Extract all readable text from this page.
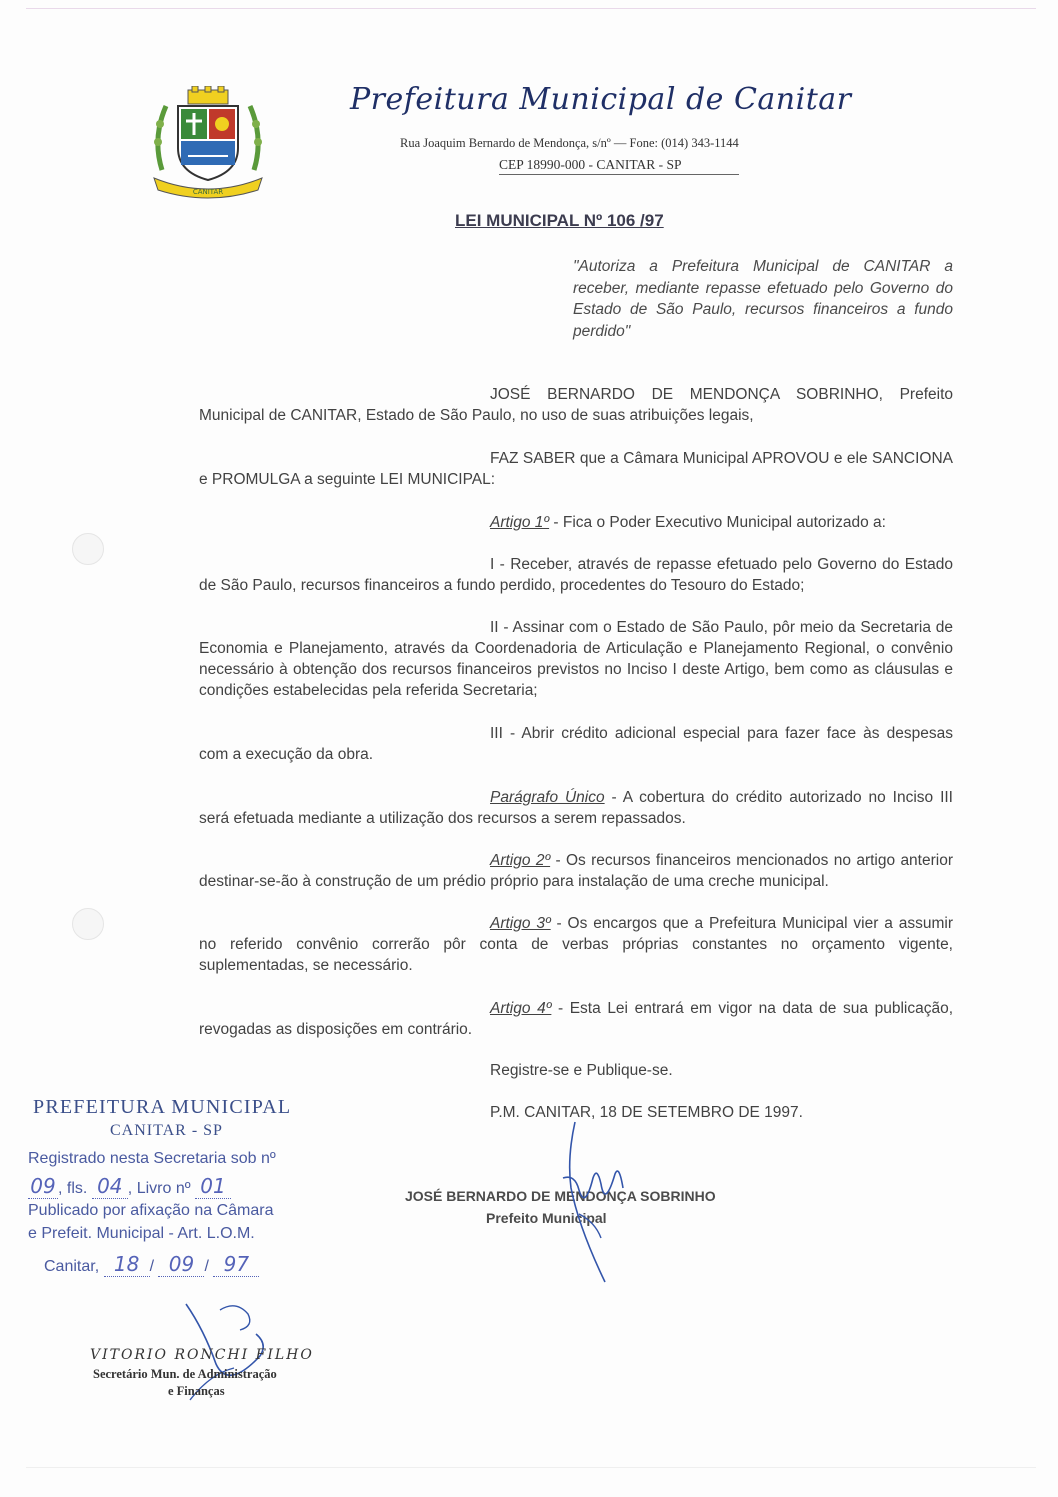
CANITAR
Prefeitura Municipal de Canitar
Rua Joaquim Bernardo de Mendonça, s/nº — Fone: (014) 343-1144
CEP 18990-000 - CANITAR - SP
LEI MUNICIPAL Nº 106 /97
"Autoriza a Prefeitura Municipal de CANITAR a receber, mediante repasse efetuado pelo Governo do Estado de São Paulo, recursos financeiros a fundo perdido"
JOSÉ BERNARDO DE MENDONÇA SOBRINHO, Prefeito Municipal de CANITAR, Estado de São Paulo, no uso de suas atribuições legais,
FAZ SABER que a Câmara Municipal APROVOU e ele SANCIONA e PROMULGA a seguinte LEI MUNICIPAL:
Artigo 1º - Fica o Poder Executivo Municipal autorizado a:
I - Receber, através de repasse efetuado pelo Governo do Estado de São Paulo, recursos financeiros a fundo perdido, procedentes do Tesouro do Estado;
II - Assinar com o Estado de São Paulo, pôr meio da Secretaria de Economia e Planejamento, através da Coordenadoria de Articulação e Planejamento Regional, o convênio necessário à obtenção dos recursos financeiros previstos no Inciso I deste Artigo, bem como as cláusulas e condições estabelecidas pela referida Secretaria;
III - Abrir crédito adicional especial para fazer face às despesas com a execução da obra.
Parágrafo Único - A cobertura do crédito autorizado no Inciso III será efetuada mediante a utilização dos recursos a serem repassados.
Artigo 2º - Os recursos financeiros mencionados no artigo anterior destinar-se-ão à construção de um prédio próprio para instalação de uma creche municipal.
Artigo 3º - Os encargos que a Prefeitura Municipal vier a assumir no referido convênio correrão pôr conta de verbas próprias constantes no orçamento vigente, suplementadas, se necessário.
Artigo 4º - Esta Lei entrará em vigor na data de sua publicação, revogadas as disposições em contrário.
Registre-se e Publique-se.
P.M. CANITAR, 18 DE SETEMBRO DE 1997.
JOSÉ BERNARDO DE MENDONÇA SOBRINHO
Prefeito Municipal
PREFEITURA MUNICIPAL
CANITAR - SP
Registrado nesta Secretaria sob nº
09 , fls. 04 , Livro nº 01
Publicado por afixação na Câmara
e Prefeit. Municipal - Art. L.O.M.
Canitar, 18 / 09 / 97
VITORIO RONCHI FILHO
Secretário Mun. de Administração
e Finanças
